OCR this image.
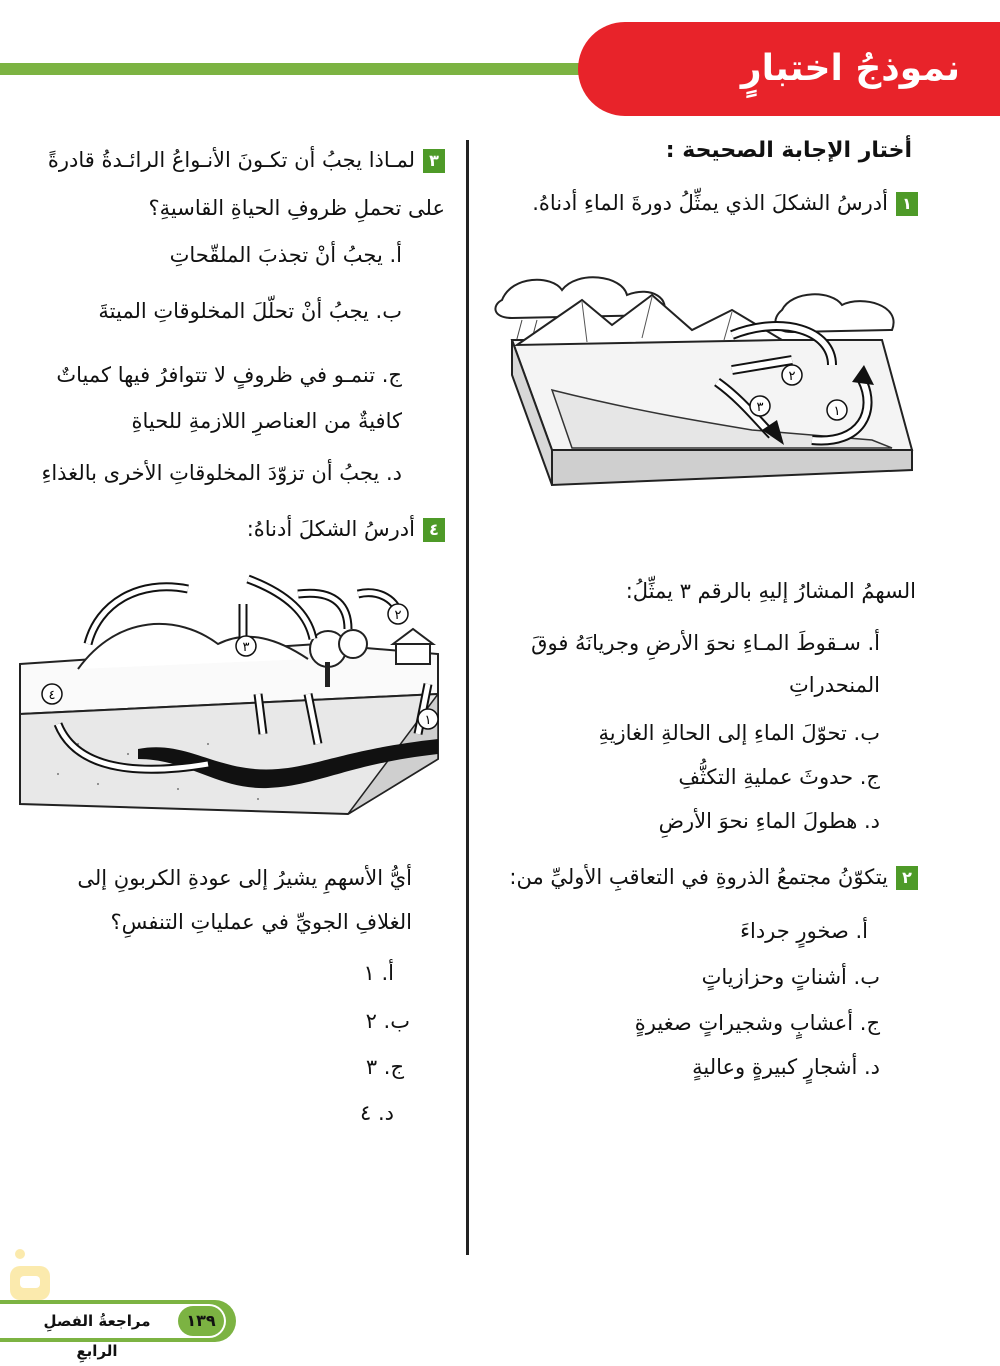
نموذجُ اختبارٍ
أختار الإجابة الصحيحة :
١أدرسُ الشكلَ الذي يمثِّلُ دورةَ الماءِ أدناهُ.
١
٢
٣
السهمُ المشارُ إليهِ بالرقم ٣ يمثِّلُ:
أ. سـقوطَ المـاءِ نحوَ الأرضِ وجريانَهُ فوقَ المنحدراتِ
ب. تحوّلَ الماءِ إلى الحالةِ الغازيةِ
ج. حدوثَ عمليةِ التكثُّفِ
د. هطولَ الماءِ نحوَ الأرضِ
٢يتكوّنُ مجتمعُ الذروةِ في التعاقبِ الأوليِّ من:
أ. صخورٍ جرداءَ
ب. أشناتٍ وحزازياتٍ
ج. أعشابٍ وشجيراتٍ صغيرةٍ
د. أشجارٍ كبيرةٍ وعاليةٍ
٣لمـاذا يجبُ أن تكـونَ الأنـواعُ الرائـدةُ قادرةً على تحملِ ظروفِ الحياةِ القاسيةِ؟
أ. يجبُ أنْ تجذبَ الملقّحاتِ
ب. يجبُ أنْ تحلّلَ المخلوقاتِ الميتةَ
ج. تنمـو في ظروفٍ لا تتوافرُ فيها كمياتٌ كافيةٌ من العناصرِ اللازمةِ للحياةِ
د. يجبُ أن تزوّدَ المخلوقاتِ الأخرى بالغذاءِ
٤أدرسُ الشكلَ أدناهُ:
١
٢
٣
٤
أيُّ الأسهمِ يشيرُ إلى عودةِ الكربونِ إلى الغلافِ الجويِّ في عملياتِ التنفسِ؟
أ. ١
ب. ٢
ج. ٣
د. ٤
١٣٩
مراجعةُ الفصلِ الرابعِ
